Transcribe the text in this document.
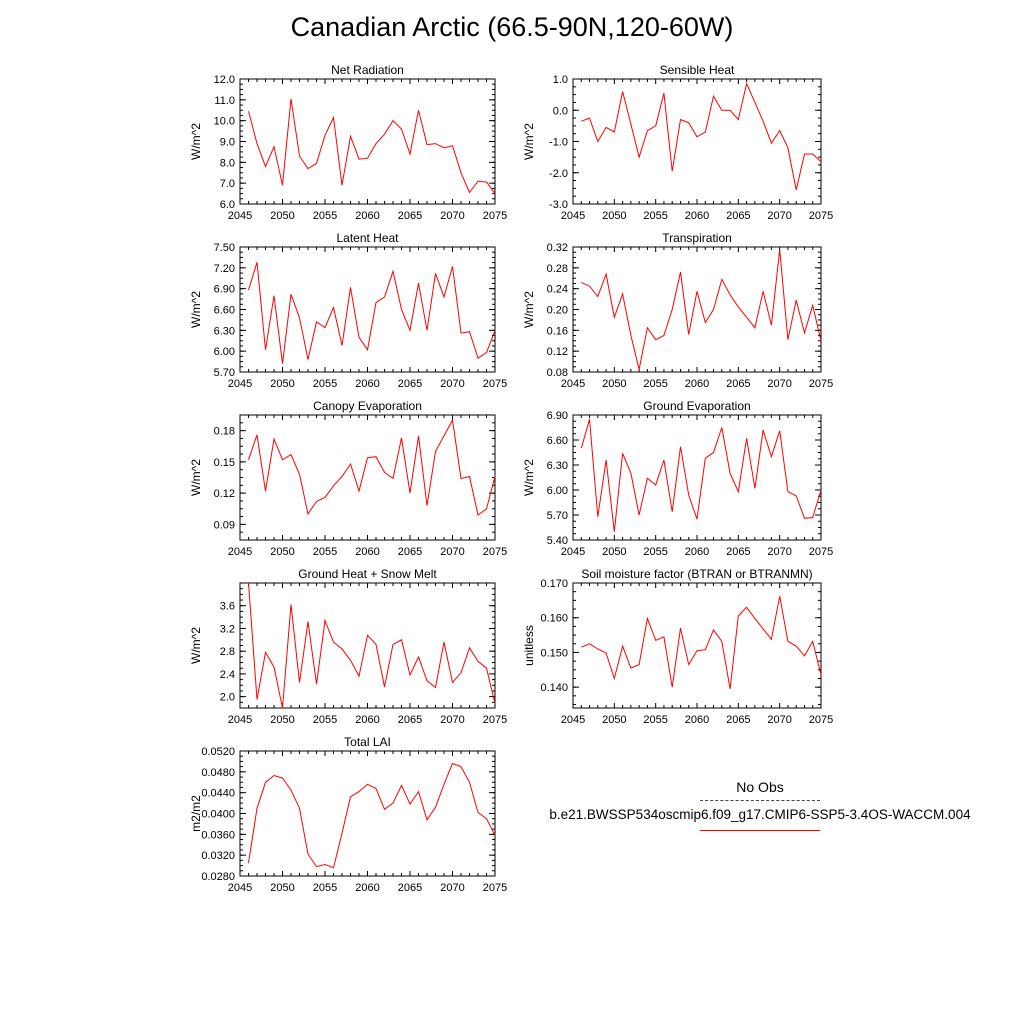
Canadian Arctic (66.5-90N,120-60W)
2045 2050 2055 2060 2065 2070 2075
6.0
7.0
8.0
9.0
10.0
11.0
12.0
Net Radiation
W/m^2
2045 2050 2055 2060 2065 2070 2075
-3.0
-2.0
-1.0
0.0
1.0
Sensible Heat
W/m^2
2045 2050 2055 2060 2065 2070 2075
5.70
6.00
6.30
6.60
6.90
7.20
7.50
Latent Heat
W/m^2
2045 2050 2055 2060 2065 2070 2075
0.08
0.12
0.16
0.20
0.24
0.28
0.32
Transpiration
W/m^2
2045 2050 2055 2060 2065 2070 2075
0.09
0.12
0.15
0.18
Canopy Evaporation
W/m^2
2045 2050 2055 2060 2065 2070 2075
5.40
5.70
6.00
6.30
6.60
6.90
Ground Evaporation
W/m^2
2045 2050 2055 2060 2065 2070 2075
2.0
2.4
2.8
3.2
3.6
Ground Heat + Snow Melt
W/m^2
2045 2050 2055 2060 2065 2070 2075
0.140
0.150
0.160
0.170
Soil moisture factor (BTRAN or BTRANMN)
unitless
2045 2050 2055 2060 2065 2070 2075
0.0280
0.0320
0.0360
0.0400
0.0440
0.0480
0.0520
Total LAI
m2/m2
No Obs
b.e21.BWSSP534oscmip6.f09_g17.CMIP6-SSP5-3.4OS-WACCM.004
